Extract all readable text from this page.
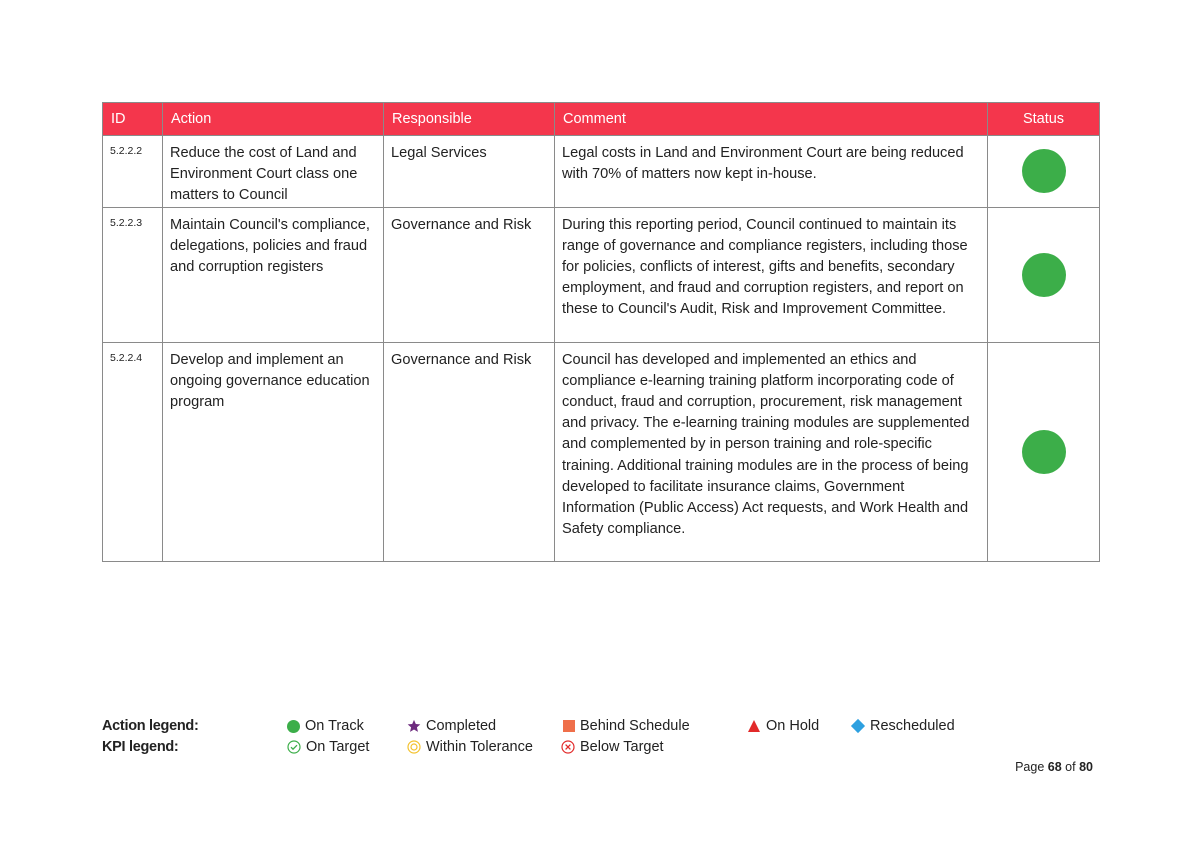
ID	Action	Responsible	Comment	Status
5.2.2.2	Reduce the cost of Land and Environment Court class one matters to Council	Legal Services	Legal costs in Land and Environment Court are being reduced with 70% of matters now kept in-house.	
5.2.2.3	Maintain Council's compliance, delegations, policies and fraud and corruption registers	Governance and Risk	During this reporting period, Council continued to maintain its range of governance and compliance registers, including those for policies, conflicts of interest, gifts and benefits, secondary employment, and fraud and corruption registers, and report on these to Council's Audit, Risk and Improvement Committee.	
5.2.2.4	Develop and implement an ongoing governance education program	Governance and Risk	Council has developed and implemented an ethics and compliance e-learning training platform incorporating code of conduct, fraud and corruption, procurement, risk management and privacy. The e-learning training modules are supplemented and complemented by in person training and role-specific training. Additional training modules are in the process of being developed to facilitate insurance claims, Government Information (Public Access) Act requests, and Work Health and Safety compliance.	
Action legend:
KPI legend:
On Track	Completed	Behind Schedule	On Hold	Rescheduled
On Target	Within Tolerance	Below Target
Page 68 of 80
